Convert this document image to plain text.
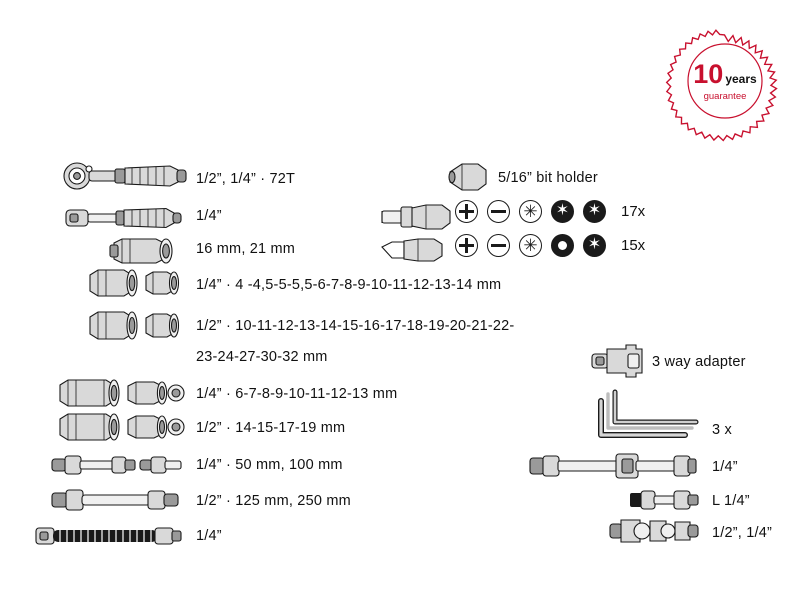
10 years
guarantee
1/2”, 1/4” · 72T
1/4”
16 mm, 21 mm
1/4” · 4 -4,5-5-5,5-6-7-8-9-10-11-12-13-14 mm
1/2” · 10-11-12-13-14-15-16-17-18-19-20-21-22-
23-24-27-30-32 mm
1/4” · 6-7-8-9-10-11-12-13 mm
1/2” · 14-15-17-19 mm
1/4” · 50 mm, 100 mm
1/2” · 125 mm, 250 mm
1/4”
✳
✶
✶
17x
✳
✶
15x
5/16” bit holder
3 way adapter
3 x
1/4”
L 1/4”
1/2”, 1/4”
